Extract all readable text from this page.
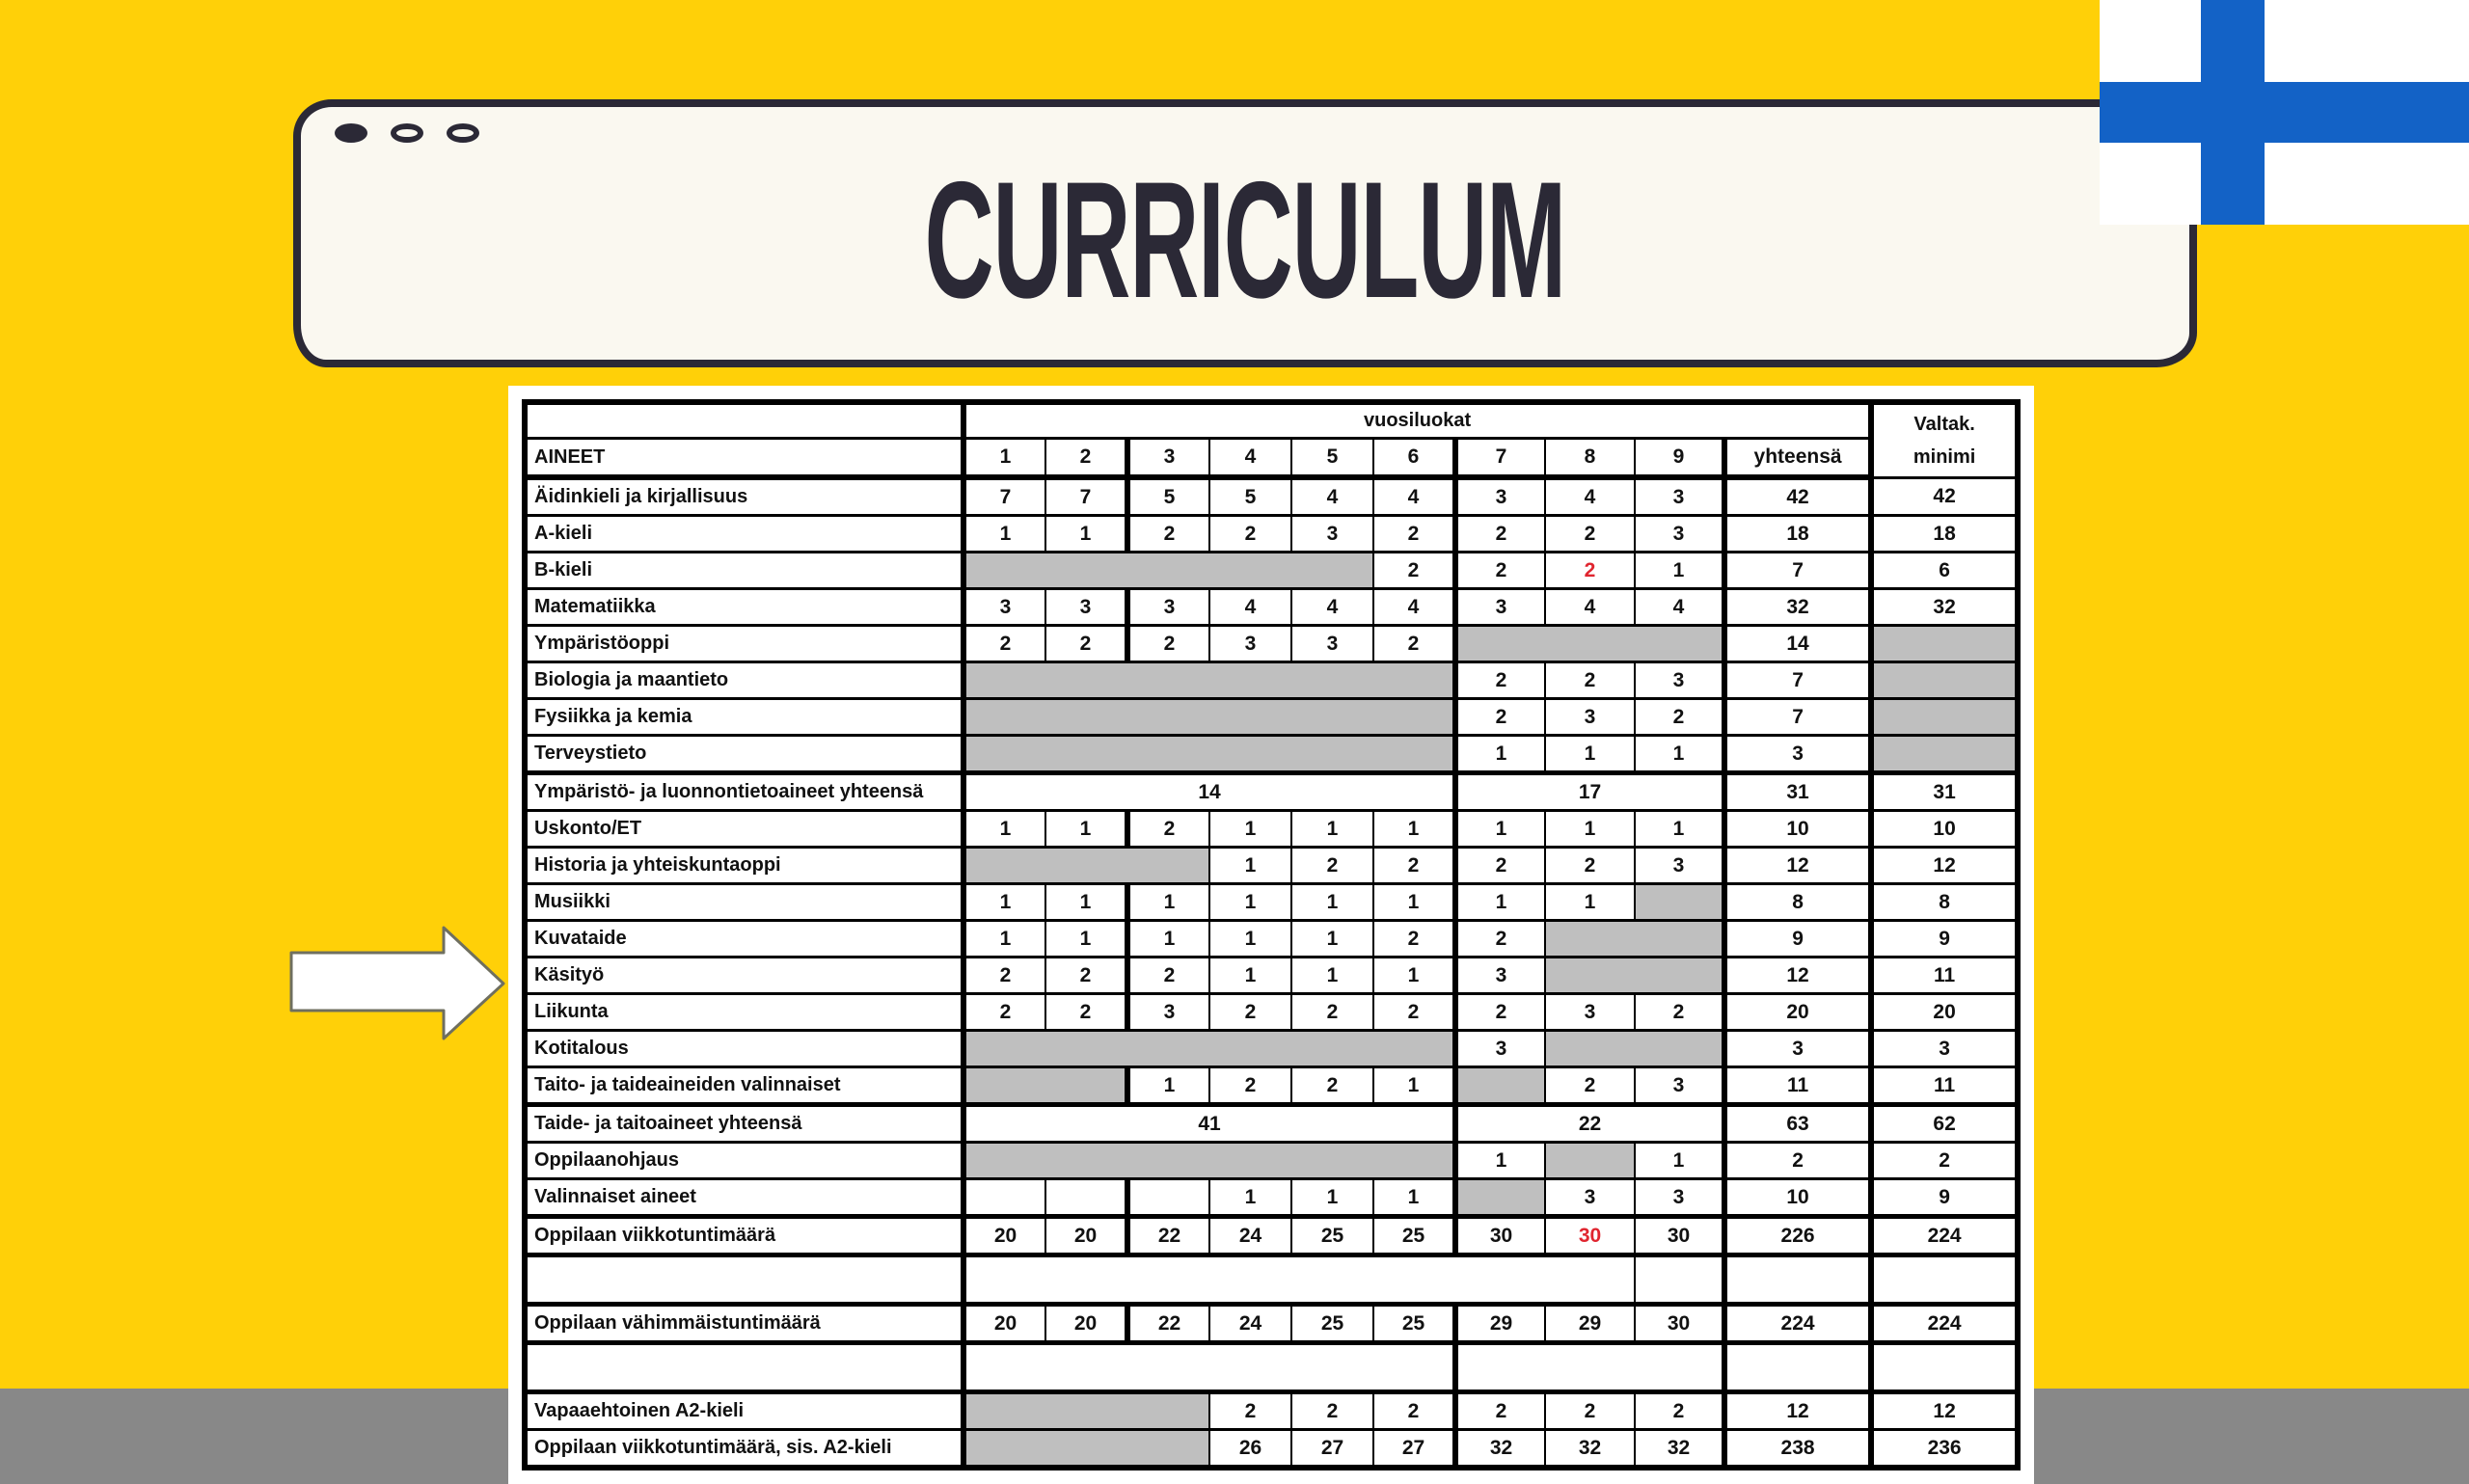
CURRICULUM
	vuosiluokat										Valtak.
minimi

AINEET	1	2	3	4	5	6	7	8	9	yhteensä	
Äidinkieli ja kirjallisuus	7	7	5	5	4	4	3	4	3	42	42
A-kieli	1	1	2	2	3	2	2	2	3	18	18
B-kieli						2	2	2	1	7	6
Matematiikka	3	3	3	4	4	4	3	4	4	32	32
Ympäristöoppi	2	2	2	3	3	2				14	
Biologia ja maantieto							2	2	3	7	
Fysiikka ja kemia							2	3	2	7	
Terveystieto							1	1	1	3	
Ympäristö- ja luonnontietoaineet yhteensä	14						17			31	31
Uskonto/ET	1	1	2	1	1	1	1	1	1	10	10
Historia ja yhteiskuntaoppi				1	2	2	2	2	3	12	12
Musiikki	1	1	1	1	1	1	1	1		8	8
Kuvataide	1	1	1	1	1	2	2			9	9
Käsityö	2	2	2	1	1	1	3			12	11
Liikunta	2	2	3	2	2	2	2	3	2	20	20
Kotitalous							3			3	3
Taito- ja taideaineiden valinnaiset			1	2	2	1		2	3	11	11
Taide- ja taitoaineet yhteensä	41						22			63	62
Oppilaanohjaus							1		1	2	2
Valinnaiset aineet				1	1	1		3	3	10	9
Oppilaan viikkotuntimäärä	20	20	22	24	25	25	30	30	30	226	224

Oppilaan vähimmäistuntimäärä	20	20	22	24	25	25	29	29	30	224	224

Vapaaehtoinen A2-kieli				2	2	2	2	2	2	12	12
Oppilaan viikkotuntimäärä, sis. A2-kieli				26	27	27	32	32	32	238	236
